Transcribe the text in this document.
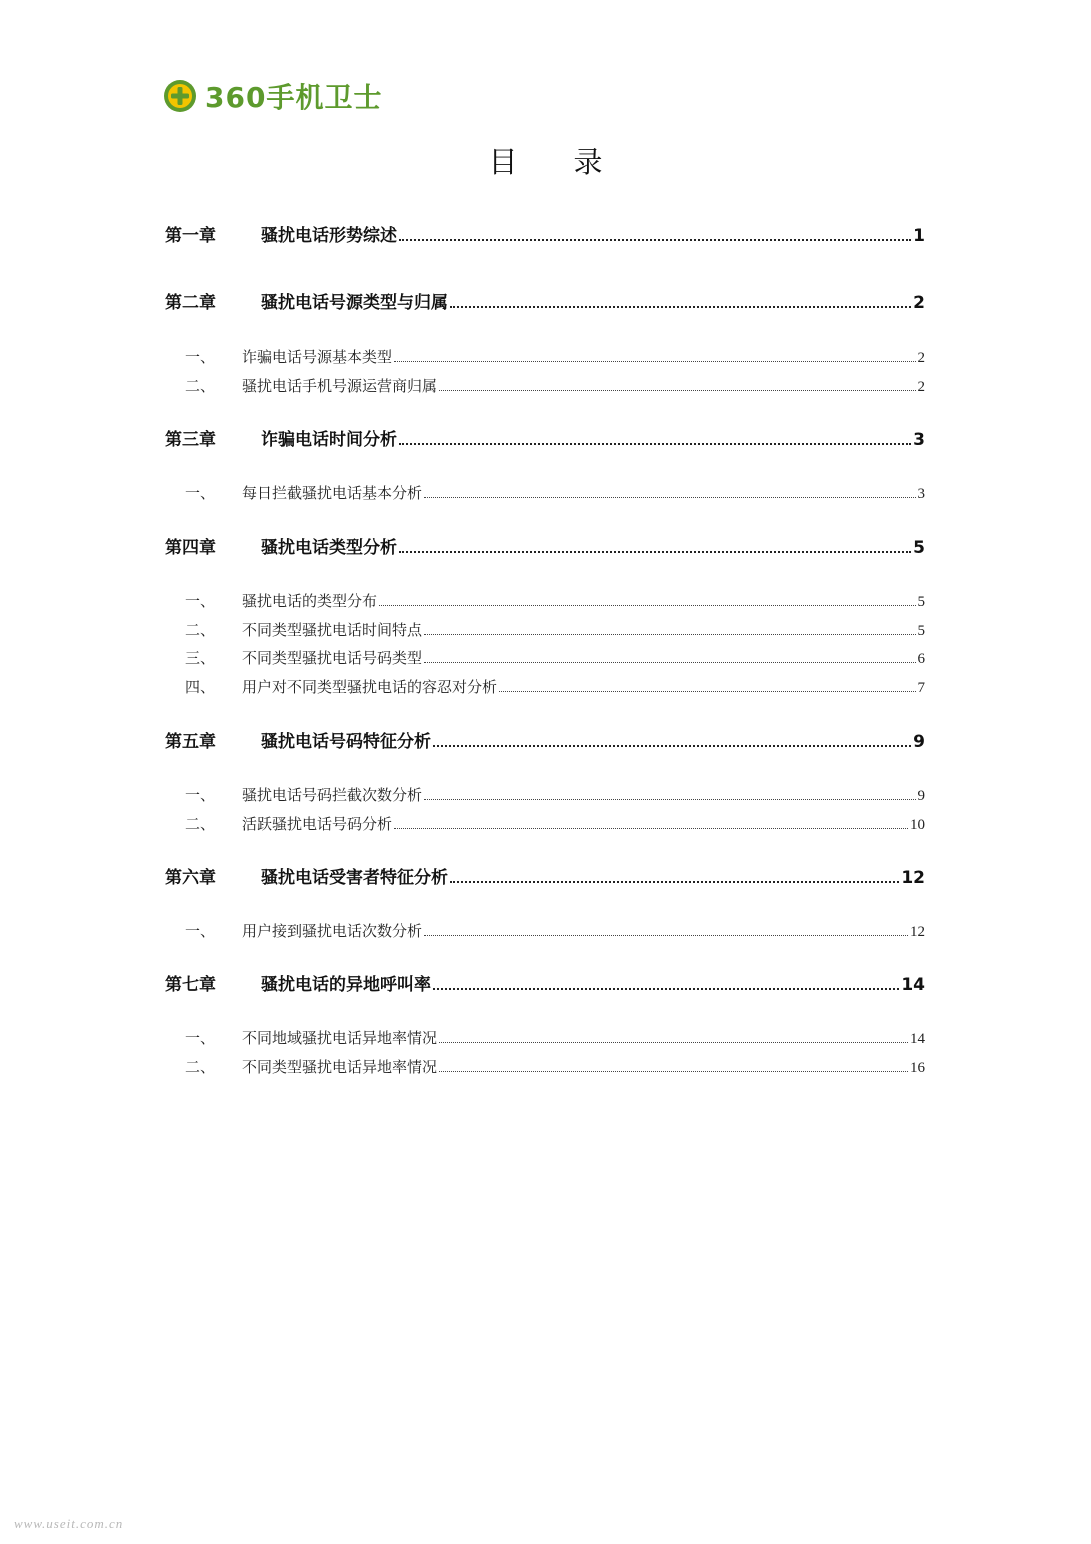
360手机卫士
目录
第一章	骚扰电话形势综述	1
第二章	骚扰电话号源类型与归属	2
一、	诈骗电话号源基本类型	2
二、	骚扰电话手机号源运营商归属	2
第三章	诈骗电话时间分析	3
一、	每日拦截骚扰电话基本分析	3
第四章	骚扰电话类型分析	5
一、	骚扰电话的类型分布	5
二、	不同类型骚扰电话时间特点	5
三、	不同类型骚扰电话号码类型	6
四、	用户对不同类型骚扰电话的容忍对分析	7
第五章	骚扰电话号码特征分析	9
一、	骚扰电话号码拦截次数分析	9
二、	活跃骚扰电话号码分析	10
第六章	骚扰电话受害者特征分析	12
一、	用户接到骚扰电话次数分析	12
第七章	骚扰电话的异地呼叫率	14
一、	不同地域骚扰电话异地率情况	14
二、	不同类型骚扰电话异地率情况	16
www.useit.com.cn
